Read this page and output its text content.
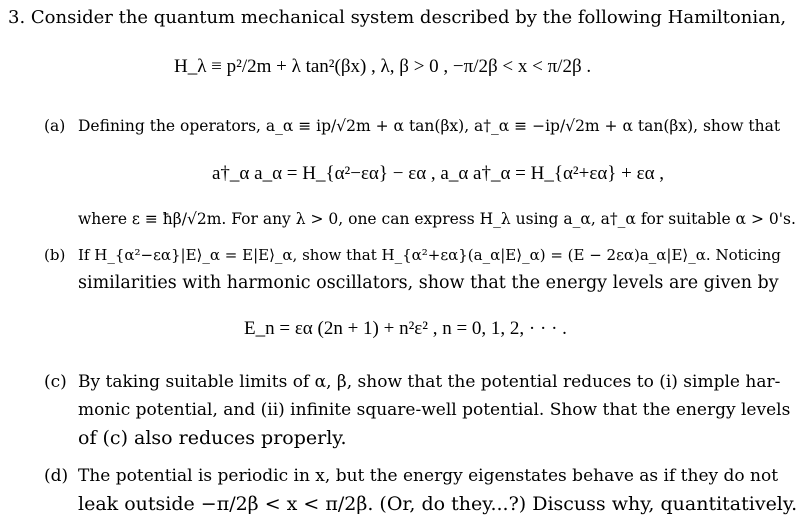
3. Consider the quantum mechanical system described by the following Hamiltonian,
H_λ ≡ p²/2m + λ tan²(βx) , λ, β > 0 , −π/2β < x < π/2β .
(a) Defining the operators, a_α ≡ ip/√2m + α tan(βx), a†_α ≡ −ip/√2m + α tan(βx), show that
a†_α a_α = H_{α²−εα} − εα , a_α a†_α = H_{α²+εα} + εα ,
where ε ≡ ħβ/√2m. For any λ > 0, one can express H_λ using a_α, a†_α for suitable α > 0's.
(b) If H_{α²−εα}|E⟩_α = E|E⟩_α, show that H_{α²+εα}(a_α|E⟩_α) = (E − 2εα)a_α|E⟩_α. Noticing
similarities with harmonic oscillators, show that the energy levels are given by
E_n = εα (2n + 1) + n²ε² , n = 0, 1, 2, · · · .
(c) By taking suitable limits of α, β, show that the potential reduces to (i) simple har-
monic potential, and (ii) infinite square-well potential. Show that the energy levels
of (c) also reduces properly.
(d) The potential is periodic in x, but the energy eigenstates behave as if they do not
leak outside −π/2β < x < π/2β. (Or, do they...?) Discuss why, quantitatively.
